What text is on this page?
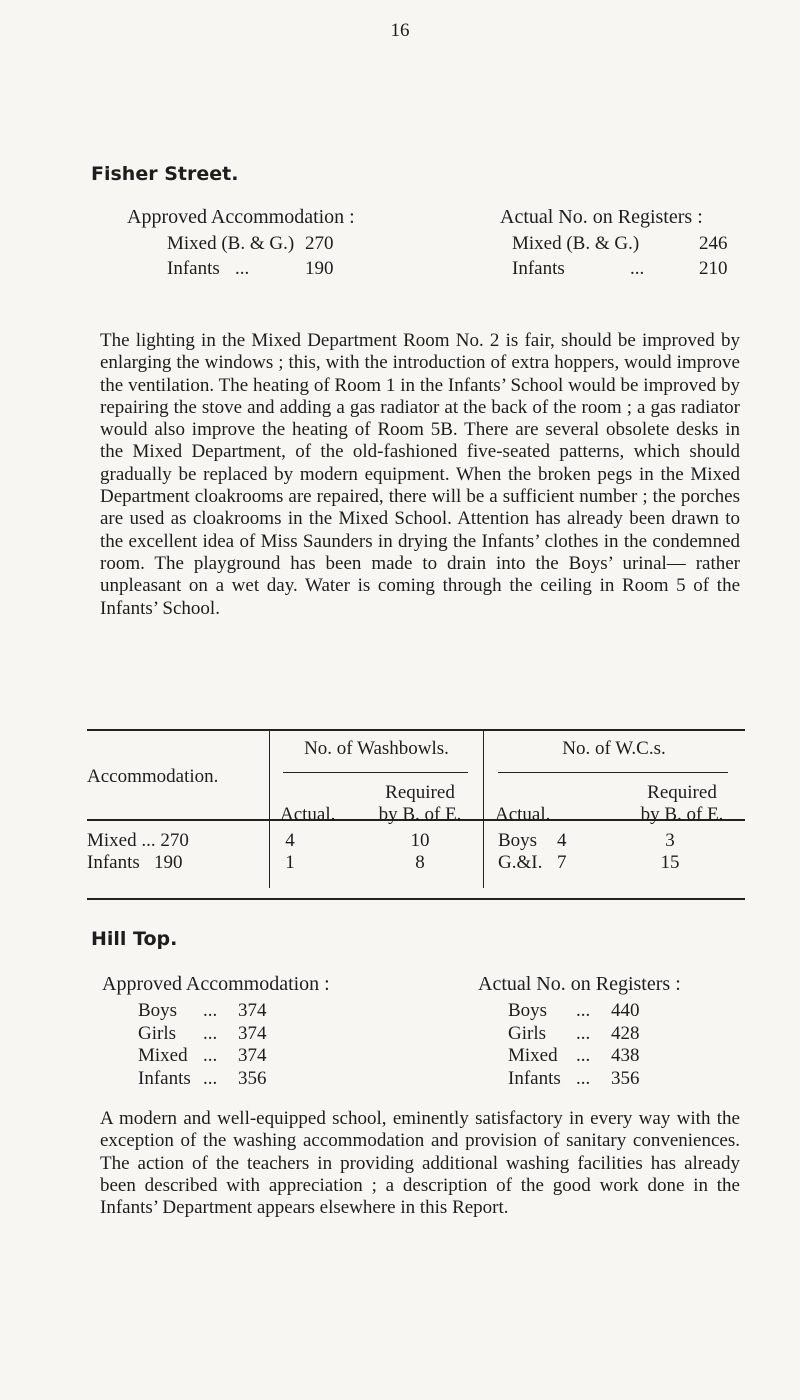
16
Fisher Street.
Approved Accommodation :	Actual No. on Registers :
Mixed (B. & G.) 270
Infants ...	190
Mixed (B. & G.)	246
Infants	...	210

The lighting in the Mixed Department Room No. 2 is fair, should be improved by enlarging the windows ; this, with the introduction of extra hoppers, would improve the ventilation. The heating of Room 1 in the Infants’ School would be improved by repairing the stove and adding a gas radiator at the back of the room ; a gas radiator would also improve the heating of Room 5B. There are several obsolete desks in the Mixed Department, of the old-fashioned five-seated patterns, which should gradually be replaced by modern equipment. When the broken pegs in the Mixed Department cloakrooms are repaired, there will be a sufficient number ; the porches are used as cloakrooms in the Mixed School. Attention has already been drawn to the excellent idea of Miss Saunders in drying the Infants’ clothes in the condemned room. The playground has been made to drain into the Boys’ urinal— rather unpleasant on a wet day. Water is coming through the ceiling in Room 5 of the Infants’ School.

Accommodation.
No. of Washbowls.	No. of W.C.s.
Actual.
Required
by B. of E.	Actual.
Required
by B. of E.
Mixed ... 270	4	10	Boys 4	3
Infants   190	1	8	G.&I. 7	15
Hill Top.
Approved Accommodation :	Actual No. on Registers :
Boys	...	374
Girls	...	374
Mixed ...	374
Infants ...	356
Boys	...	440
Girls	...	428
Mixed ...	438
Infants ...	356

A modern and well-equipped school, eminently satisfactory in every way with the exception of the washing accommodation and provision of sanitary conveniences. The action of the teachers in providing additional washing facilities has already been described with appreciation ; a description of the good work done in the Infants’ Department appears elsewhere in this Report.
